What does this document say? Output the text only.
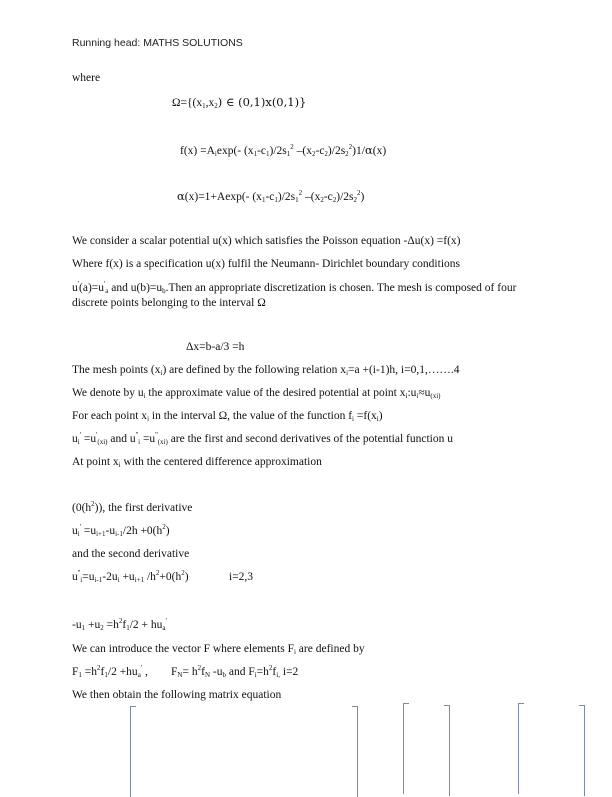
Running head: MATHS SOLUTIONS
where
$\Omega=\{(x_1,x_2)$ ∈ (0,1)x(0,1)}
$f(x) =A_i\exp(-$ $(x_1-c_1)/2s_1^2$ $-(x_2-c_2)/2s_2^2)1/\alpha(x)$
α(x)=1+Aexp(- $(x_1-c_1)/2s_1^2$ $-(x_2-c_2)/2s_2^2$)
We consider a scalar potential u(x) which satisfies the Poisson equation -Δu(x) =f(x)
Where f(x) is a specification u(x) fulfil the Neumann- Dirichlet boundary conditions
$u'(a)=u'_a$ and $u(b)=u_b.Then$ an appropriate discretization is chosen. The mesh is composed of four discrete points belonging to the interval Ω
Δx=b-a/3 =h
The mesh points $(x_i)$ are defined by the following relation $x_i=a +(i-1)h$, i=0,1,…….4
We denote by $u_i$ the approximate value of the desired potential at point $x_i:u_i\approx u_{(xi)}$
For each point $x_i$ in the interval Ω, the value of the function $f_i =f(x_i)$
$u_i' =u'_{(xi)}$ and $u''_i =u''_{(xi)}$ are the first and second derivatives of the potential function u
At point $x_i$ with the centered difference approximation
$(0(h^2))$, the first derivative
$u_i' =u_{i+1}-u_{i-1}/2h +0(h^2)$
and the second derivative
$u''_i=u_{i-1}-2u_i +u_{i+1}$ $/h^2+0(h^2)$	i=2,3
$-u_1 +u_2 =h^2f_1/2 + hu_a'$
We can introduce the vector F where elements $F_i$ are defined by
$F_1 =h^2f_1/2 +hu_a'$ , $F_N= h^2f_N$ $-u_b$ and $F_i=h^2f_{i,}$ i=2
We then obtain the following matrix equation
